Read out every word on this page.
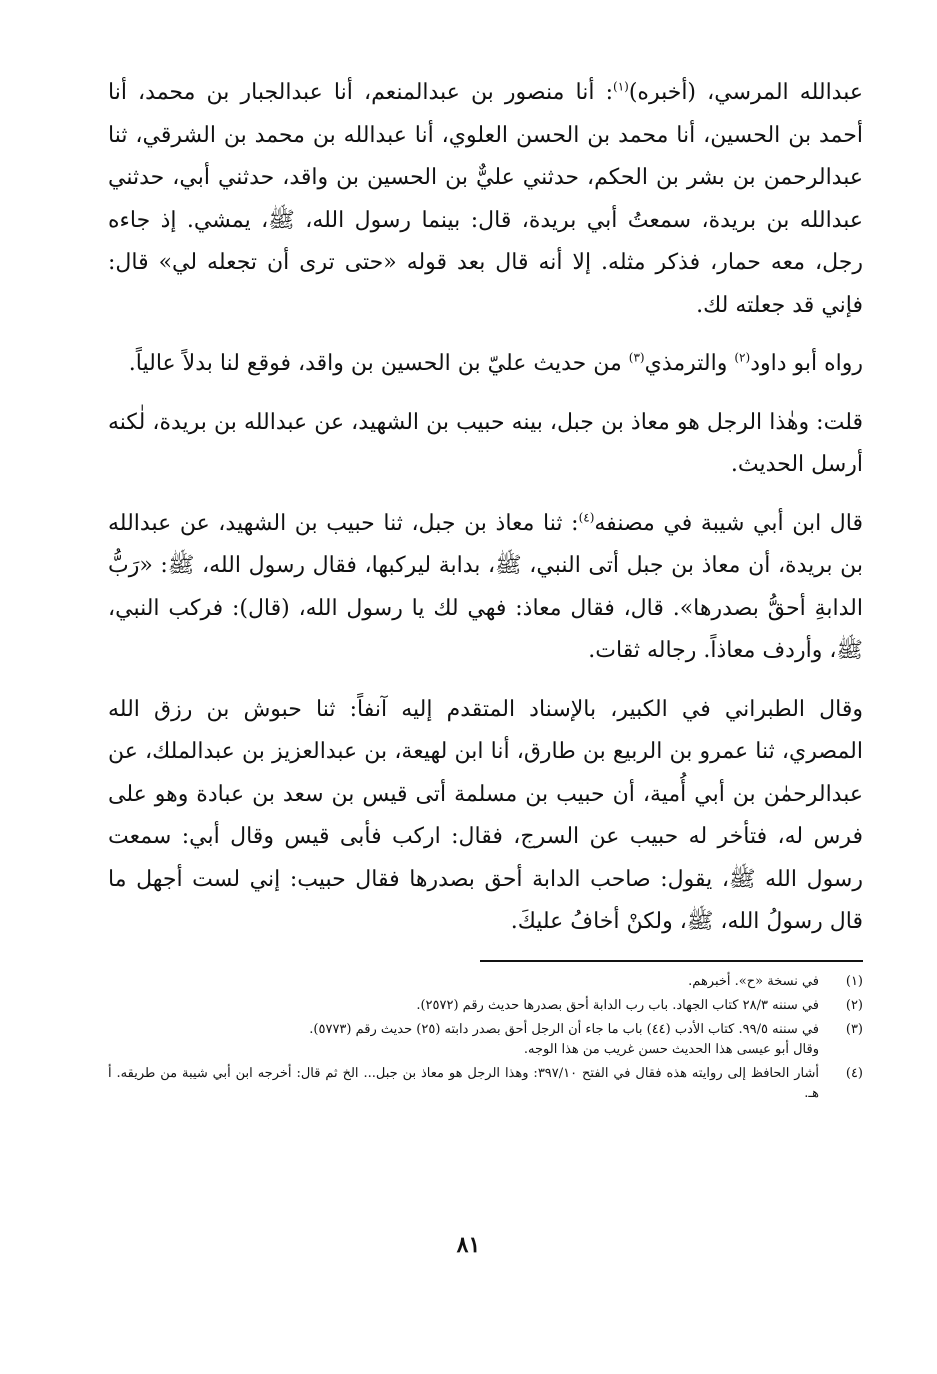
عبدالله المرسي، (أخبره)$^{(١)}$: أنا منصور بن عبدالمنعم، أنا عبدالجبار بن محمد، أنا أحمد بن الحسين، أنا محمد بن الحسن العلوي، أنا عبدالله بن محمد بن الشرقي، ثنا عبدالرحمن بن بشر بن الحكم، حدثني عليٌّ بن الحسين بن واقد، حدثني أبي، حدثني عبدالله بن بريدة، سمعتُ أبي بريدة، قال: بينما رسول الله، ﷺ، يمشي. إذ جاءه رجل، معه حمار، فذكر مثله. إلا أنه قال بعد قوله «حتى ترى أن تجعله لي» قال: فإني قد جعلته لك.

رواه أبو داود$^{(٢)}$ والترمذي$^{(٣)}$ من حديث عليّ بن الحسين بن واقد، فوقع لنا بدلاً عالياً.

قلت: وهٰذا الرجل هو معاذ بن جبل، بينه حبيب بن الشهيد، عن عبدالله بن بريدة، لٰكنه أرسل الحديث.

قال ابن أبي شيبة في مصنفه$^{(٤)}$: ثنا معاذ بن جبل، ثنا حبيب بن الشهيد، عن عبدالله بن بريدة، أن معاذ بن جبل أتى النبي، ﷺ، بدابة ليركبها، فقال رسول الله، ﷺ: «رَبُّ الدابةِ أحقُّ بصدرها». قال، فقال معاذ: فهي لك يا رسول الله، (قال): فركب النبي، ﷺ، وأردف معاذاً. رجاله ثقات.

وقال الطبراني في الكبير، بالإسناد المتقدم إليه آنفاً: ثنا حبوش بن رزق الله المصري، ثنا عمرو بن الربيع بن طارق، أنا ابن لهيعة، بن عبدالعزيز بن عبدالملك، عن عبدالرحمٰن بن أبي أُمية، أن حبيب بن مسلمة أتى قيس بن سعد بن عبادة وهو على فرس له، فتأخر له حبيب عن السرج، فقال: اركب فأبى قيس وقال أبي: سمعت رسول الله ﷺ، يقول: صاحب الدابة أحق بصدرها فقال حبيب: إني لست أجهل ما قال رسولُ الله، ﷺ، ولكنْ أخافُ عليكَ.

(١)
في نسخة «ح». أخبرهم.
(٢)
في سننه ٢٨/٣ كتاب الجهاد. باب رب الدابة أحق بصدرها حديث رقم (٢٥٧٢).
(٣)
في سننه ٩٩/٥. كتاب الأدب (٤٤) باب ما جاء أن الرجل أحق بصدر دابته (٢٥) حديث رقم (٥٧٧٣).
وقال أبو عيسى هذا الحديث حسن غريب من هذا الوجه.
(٤)
أشار الحافظ إلى روايته هذه فقال في الفتح ٣٩٧/١٠: وهذا الرجل هو معاذ بن جبل... الخ ثم قال: أخرجه ابن أبي شيبة من طريقه. أ هـ.
٨١
